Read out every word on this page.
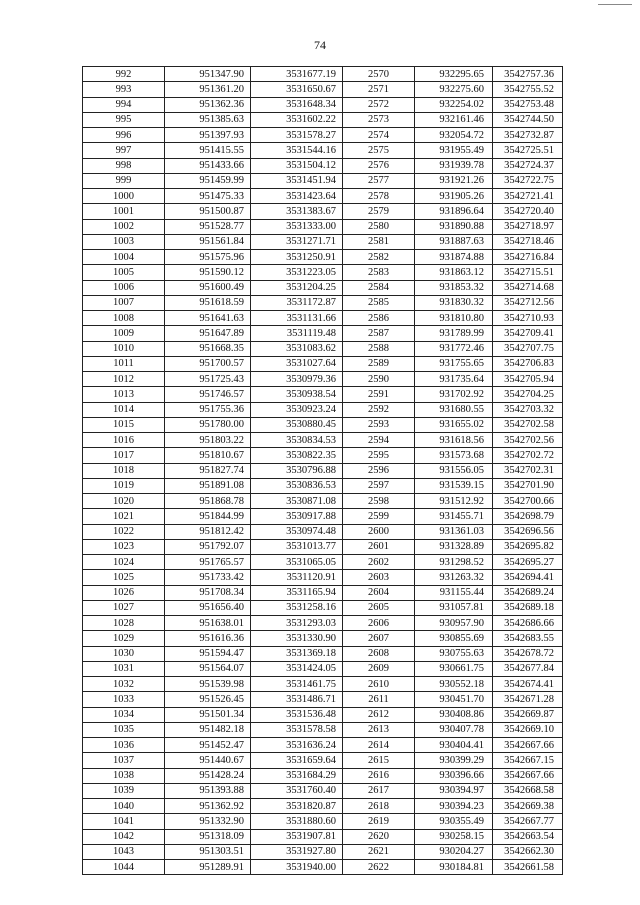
74
992	951347.90	3531677.19	2570	932295.65	3542757.36
993	951361.20	3531650.67	2571	932275.60	3542755.52
994	951362.36	3531648.34	2572	932254.02	3542753.48
995	951385.63	3531602.22	2573	932161.46	3542744.50
996	951397.93	3531578.27	2574	932054.72	3542732.87
997	951415.55	3531544.16	2575	931955.49	3542725.51
998	951433.66	3531504.12	2576	931939.78	3542724.37
999	951459.99	3531451.94	2577	931921.26	3542722.75
1000	951475.33	3531423.64	2578	931905.26	3542721.41
1001	951500.87	3531383.67	2579	931896.64	3542720.40
1002	951528.77	3531333.00	2580	931890.88	3542718.97
1003	951561.84	3531271.71	2581	931887.63	3542718.46
1004	951575.96	3531250.91	2582	931874.88	3542716.84
1005	951590.12	3531223.05	2583	931863.12	3542715.51
1006	951600.49	3531204.25	2584	931853.32	3542714.68
1007	951618.59	3531172.87	2585	931830.32	3542712.56
1008	951641.63	3531131.66	2586	931810.80	3542710.93
1009	951647.89	3531119.48	2587	931789.99	3542709.41
1010	951668.35	3531083.62	2588	931772.46	3542707.75
1011	951700.57	3531027.64	2589	931755.65	3542706.83
1012	951725.43	3530979.36	2590	931735.64	3542705.94
1013	951746.57	3530938.54	2591	931702.92	3542704.25
1014	951755.36	3530923.24	2592	931680.55	3542703.32
1015	951780.00	3530880.45	2593	931655.02	3542702.58
1016	951803.22	3530834.53	2594	931618.56	3542702.56
1017	951810.67	3530822.35	2595	931573.68	3542702.72
1018	951827.74	3530796.88	2596	931556.05	3542702.31
1019	951891.08	3530836.53	2597	931539.15	3542701.90
1020	951868.78	3530871.08	2598	931512.92	3542700.66
1021	951844.99	3530917.88	2599	931455.71	3542698.79
1022	951812.42	3530974.48	2600	931361.03	3542696.56
1023	951792.07	3531013.77	2601	931328.89	3542695.82
1024	951765.57	3531065.05	2602	931298.52	3542695.27
1025	951733.42	3531120.91	2603	931263.32	3542694.41
1026	951708.34	3531165.94	2604	931155.44	3542689.24
1027	951656.40	3531258.16	2605	931057.81	3542689.18
1028	951638.01	3531293.03	2606	930957.90	3542686.66
1029	951616.36	3531330.90	2607	930855.69	3542683.55
1030	951594.47	3531369.18	2608	930755.63	3542678.72
1031	951564.07	3531424.05	2609	930661.75	3542677.84
1032	951539.98	3531461.75	2610	930552.18	3542674.41
1033	951526.45	3531486.71	2611	930451.70	3542671.28
1034	951501.34	3531536.48	2612	930408.86	3542669.87
1035	951482.18	3531578.58	2613	930407.78	3542669.10
1036	951452.47	3531636.24	2614	930404.41	3542667.66
1037	951440.67	3531659.64	2615	930399.29	3542667.15
1038	951428.24	3531684.29	2616	930396.66	3542667.66
1039	951393.88	3531760.40	2617	930394.97	3542668.58
1040	951362.92	3531820.87	2618	930394.23	3542669.38
1041	951332.90	3531880.60	2619	930355.49	3542667.77
1042	951318.09	3531907.81	2620	930258.15	3542663.54
1043	951303.51	3531927.80	2621	930204.27	3542662.30
1044	951289.91	3531940.00	2622	930184.81	3542661.58
